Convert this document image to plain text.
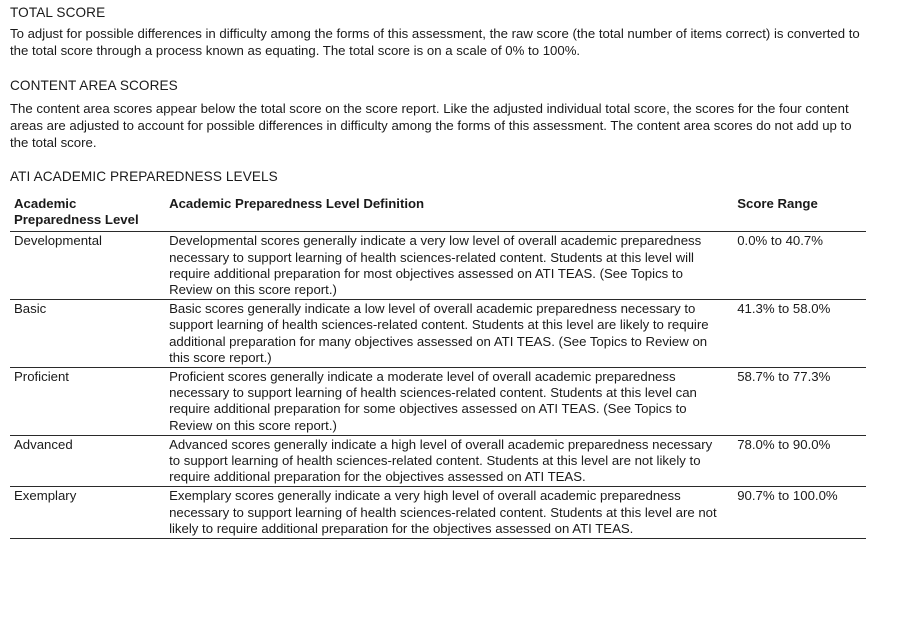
TOTAL SCORE
To adjust for possible differences in difficulty among the forms of this assessment, the raw score (the total number of items correct) is converted to the total score through a process known as equating. The total score is on a scale of 0% to 100%.
CONTENT AREA SCORES
The content area scores appear below the total score on the score report. Like the adjusted individual total score, the scores for the four content areas are adjusted to account for possible differences in difficulty among the forms of this assessment. The content area scores do not add up to the total score.
ATI ACADEMIC PREPAREDNESS LEVELS
Academic Preparedness Level	Academic Preparedness Level Definition	Score Range
Developmental	Developmental scores generally indicate a very low level of overall academic preparedness necessary to support learning of health sciences-related content. Students at this level will require additional preparation for most objectives assessed on ATI TEAS. (See Topics to Review on this score report.)	0.0% to 40.7%
Basic	Basic scores generally indicate a low level of overall academic preparedness necessary to support learning of health sciences-related content. Students at this level are likely to require additional preparation for many objectives assessed on ATI TEAS. (See Topics to Review on this score report.)	41.3% to 58.0%
Proficient	Proficient scores generally indicate a moderate level of overall academic preparedness necessary to support learning of health sciences-related content. Students at this level can require additional preparation for some objectives assessed on ATI TEAS. (See Topics to Review on this score report.)	58.7% to 77.3%
Advanced	Advanced scores generally indicate a high level of overall academic preparedness necessary to support learning of health sciences-related content. Students at this level are not likely to require additional preparation for the objectives assessed on ATI TEAS.	78.0% to 90.0%
Exemplary	Exemplary scores generally indicate a very high level of overall academic preparedness necessary to support learning of health sciences-related content. Students at this level are not likely to require additional preparation for the objectives assessed on ATI TEAS.	90.7% to 100.0%
